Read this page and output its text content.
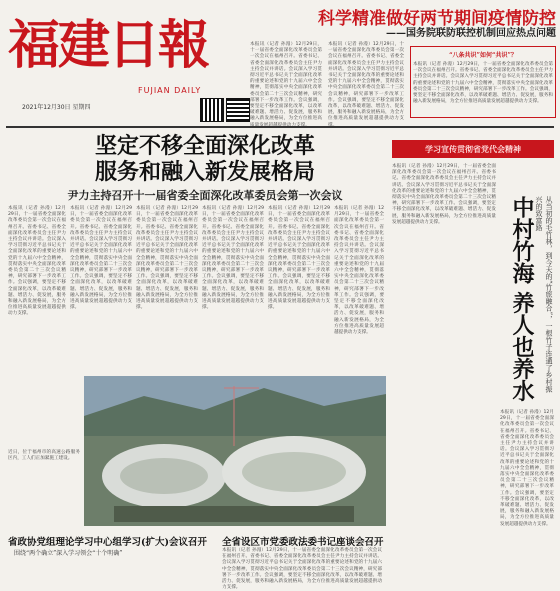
福建日報
FUJIAN DAILY
2021年12月30日 星期四
科学精准做好两节期间疫情防控
——国务院联防联控机制回应热点问题
本报讯（记者 孙漫）12月29日，十一届省委全面深化改革委员会第一次会议在福州召开。省委书记、省委全面深化改革委员会主任尹力主持会议并讲话。会议深入学习贯彻习近平总书记关于全面深化改革的重要论述和党的十九届六中全会精神，贯彻落实中央全面深化改革委员会第二十三次会议精神，研究部署下一步改革工作。会议强调，要坚定不移全面深化改革，以改革破难题、增活力、促发展，服务和融入新发展格局，为全方位推进高
本报讯（记者 孙漫）12月29日，十一届省委全面深化改革委员会第一次会议在福州召开。省委书记、省委全面深化改革委员会主任尹力主持会议并讲话。会议深入学习贯彻习近平总书记关于全面深化改革的重要论述和党的十九届六中全会精神，贯彻落实中央全面深化改革委员会第二十三次会议精神，研究部署下一步改革工作。会议强调，要坚定不移全面深化改革，以改革破难题、增活力、促发展，服务和融入新发展格局，为全方位推进高质量发展超越提供动力支
“八条共识”如何“共识”？
本报讯（记者 孙漫）12月29日，十一届省委全面深化改革委员会第一次会议在福州召开。省委书记、省委全面深化改革委员会主任尹力主持会议并讲话。会议深入学习贯彻习近平总书记关于全面深化改革的重要论述和党的十九届六中全会精神，贯彻落实中央全面深化改革委员会第二十三次会议精神，研究部署下一步改革工作。会议强调，要坚定不移全面深化改革，以改革破难题、增活力、促发展，服务和融入新发展格局，为全方位推进高质量发展超越提供动力支撑。
坚定不移全面深化改革
服务和融入新发展格局
尹力主持召开十一届省委全面深化改革委员会第一次会议
本报讯（记者 孙漫）12月29日，十一届省委全面深化改革委员会第一次会议在福州召开。省委书记、省委全面深化改革委员会主任尹力主持会议并讲话。会议深入学习贯彻习近平总书记关于全面深化改革的重要论述和党的十九届六中全会精神，贯彻落实中央全面深化改革委员会第二十三次会议精神，研究部署下一步改革工作。会议强调，要坚定不移全面深化改革，以改革破难题、增活力、促发展，服务和融入新发展格局，为全方位推进高质量发展超越提供动力支撑。
本报讯（记者 孙漫）12月29日，十一届省委全面深化改革委员会第一次会议在福州召开。省委书记、省委全面深化改革委员会主任尹力主持会议并讲话。会议深入学习贯彻习近平总书记关于全面深化改革的重要论述和党的十九届六中全会精神，贯彻落实中央全面深化改革委员会第二十三次会议精神，研究部署下一步改革工作。会议强调，要坚定不移全面深化改革，以改革破难题、增活力、促发展，服务和融入新发展格局，为全方位推进高质量发展超越提供动力支撑。
本报讯（记者 孙漫）12月29日，十一届省委全面深化改革委员会第一次会议在福州召开。省委书记、省委全面深化改革委员会主任尹力主持会议并讲话。会议深入学习贯彻习近平总书记关于全面深化改革的重要论述和党的十九届六中全会精神，贯彻落实中央全面深化改革委员会第二十三次会议精神，研究部署下一步改革工作。会议强调，要坚定不移全面深化改革，以改革破难题、增活力、促发展，服务和融入新发展格局，为全方位推进高质量发展超越提供动力支撑。
本报讯（记者 孙漫）12月29日，十一届省委全面深化改革委员会第一次会议在福州召开。省委书记、省委全面深化改革委员会主任尹力主持会议并讲话。会议深入学习贯彻习近平总书记关于全面深化改革的重要论述和党的十九届六中全会精神，贯彻落实中央全面深化改革委员会第二十三次会议精神，研究部署下一步改革工作。会议强调，要坚定不移全面深化改革，以改革破难题、增活力、促发展，服务和融入新发展格局，为全方位推进高质量发展超越提供动力支撑。
本报讯（记者 孙漫）12月29日，十一届省委全面深化改革委员会第一次会议在福州召开。省委书记、省委全面深化改革委员会主任尹力主持会议并讲话。会议深入学习贯彻习近平总书记关于全面深化改革的重要论述和党的十九届六中全会精神，贯彻落实中央全面深化改革委员会第二十三次会议精神，研究部署下一步改革工作。会议强调，要坚定不移全面深化改革，以改革破难题、增活力、促发展，服务和融入新发展格局，为全方位推进高质量发展超越提供动力支撑。
本报讯（记者 孙漫）12月29日，十一届省委全面深化改革委员会第一次会议在福州召开。省委书记、省委全面深化改革委员会主任尹力主持会议并讲话。会议深入学习贯彻习近平总书记关于全面深化改革的重要论述和党的十九届六中全会精神，贯彻落实中央全面深化改革委员会第二十三次会议精神，研究部署下一步改革工作。会议强调，要坚定不移全面深化改革，以改革破难题、增活力、促发展，服务和融入新发展格局，为全方位推进高质量发展超越提供动力支撑。
学习宣传贯彻省党代会精神
本报讯（记者 孙漫）12月29日，十一届省委全面深化改革委员会第一次会议在福州召开。省委书记、省委全面深化改革委员会主任尹力主持会议并讲话。会议深入学习贯彻习近平总书记关于全面深化改革的重要论述和党的十九届六中全会精神，贯彻落实中央全面深化改革委员会第二十三次会议精神，研究部署下一步改革工作。会议强调，要坚定不移全面深化改革，以改革破难题、增活力、促发展，服务和融入新发展格局，为全方位推进高质量发展超越提供动力支撑。	中村竹海 养人也养水	从当初的毛竹林，到今天的“竹旅融合”，一根竹子连通了乡村振兴的致富路
本报讯（记者 孙漫）12月29日，十一届省委全面深化改革委员会第一次会议在福州召开。省委书记、省委全面深化改革委员会主任尹力主持会议并讲话。会议深入学习贯彻习近平总书记关于全面深化改革的重要论述和党的十九届六中全会精神，贯彻落实中央全面深化改革委员会第二十三次会议精神，研究部署下一步改革工作。会议强调，要坚定不移全面深化改革，以改革破难题、增活力、促发展，服务和融入新发展格局，为全方位推进高质量发展超越提供动力支撑。
近日，位于福州市的高速公路服务区内，工人们正加紧施工建设。
省政协党组理论学习中心组学习(扩大)会议召开
围绕“两个确立”深入学习领会“十个明确”
全省设区市党委政法委书记座谈会召开
本报讯（记者 孙漫）12月29日，十一届省委全面深化改革委员会第一次会议在福州召开。省委书记、省委全面深化改革委员会主任尹力主持会议并讲话。会议深入学习贯彻习近平总书记关于全面深化改革的重要论述和党的十九届六中全会精神，贯彻落实中央全面深化改革委员会第二十三次会议精神，研究部署下一步改革工作。会议强调，要坚定不移全面深化改革，以改革破难题、增活力、促发展，服务和融入新发展格局，为全方位推进高质量发展超越提供动力支撑。
